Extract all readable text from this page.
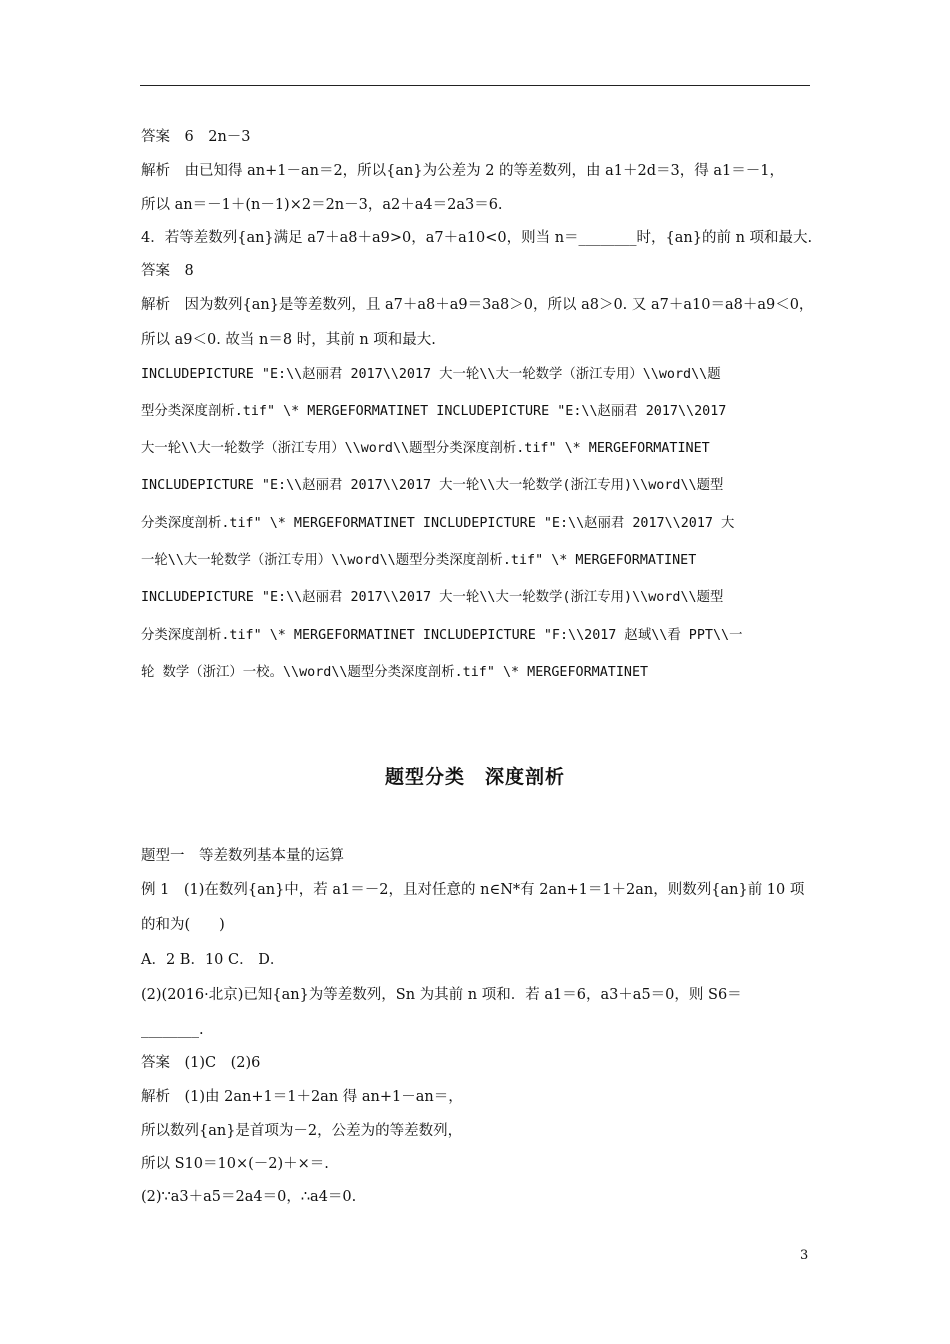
答案　6　2n－3
解析　由已知得 an+1－an＝2，所以{an}为公差为 2 的等差数列，由 a1＋2d＝3，得 a1＝－1，
所以 an＝－1＋(n－1)×2＝2n－3，a2＋a4＝2a3＝6.
4．若等差数列{an}满足 a7＋a8＋a9>0，a7＋a10<0，则当 n＝________时，{an}的前 n 项和最大.
答案　8
解析　因为数列{an}是等差数列，且 a7＋a8＋a9＝3a8＞0，所以 a8＞0. 又 a7＋a10＝a8＋a9＜0，
所以 a9＜0. 故当 n＝8 时，其前 n 项和最大.
INCLUDEPICTURE "E:\\赵丽君 2017\\2017 大一轮\\大一轮数学（浙江专用）\\word\\题
型分类深度剖析.tif" \* MERGEFORMATINET INCLUDEPICTURE "E:\\赵丽君 2017\\2017
大一轮\\大一轮数学（浙江专用）\\word\\题型分类深度剖析.tif" \* MERGEFORMATINET
INCLUDEPICTURE "E:\\赵丽君 2017\\2017 大一轮\\大一轮数学(浙江专用)\\word\\题型
分类深度剖析.tif" \* MERGEFORMATINET INCLUDEPICTURE "E:\\赵丽君 2017\\2017 大
一轮\\大一轮数学（浙江专用）\\word\\题型分类深度剖析.tif" \* MERGEFORMATINET
INCLUDEPICTURE "E:\\赵丽君 2017\\2017 大一轮\\大一轮数学(浙江专用)\\word\\题型
分类深度剖析.tif" \* MERGEFORMATINET INCLUDEPICTURE "F:\\2017 赵琙\\看 PPT\\一
轮 数学（浙江）一校。\\word\\题型分类深度剖析.tif" \* MERGEFORMATINET
题型分类　深度剖析
题型一　等差数列基本量的运算
例 1　(1)在数列{an}中，若 a1＝－2，且对任意的 n∈N*有 2an+1＝1＋2an，则数列{an}前 10 项
的和为(　　)
A．2 B．10 C． D．
(2)(2016·北京)已知{an}为等差数列，Sn 为其前 n 项和．若 a1＝6，a3＋a5＝0，则 S6＝
________.
答案　(1)C　(2)6
解析　(1)由 2an+1＝1＋2an 得 an+1－an＝，
所以数列{an}是首项为－2，公差为的等差数列，
所以 S10＝10×(－2)＋×＝.
(2)∵a3＋a5＝2a4＝0，∴a4＝0.
3
